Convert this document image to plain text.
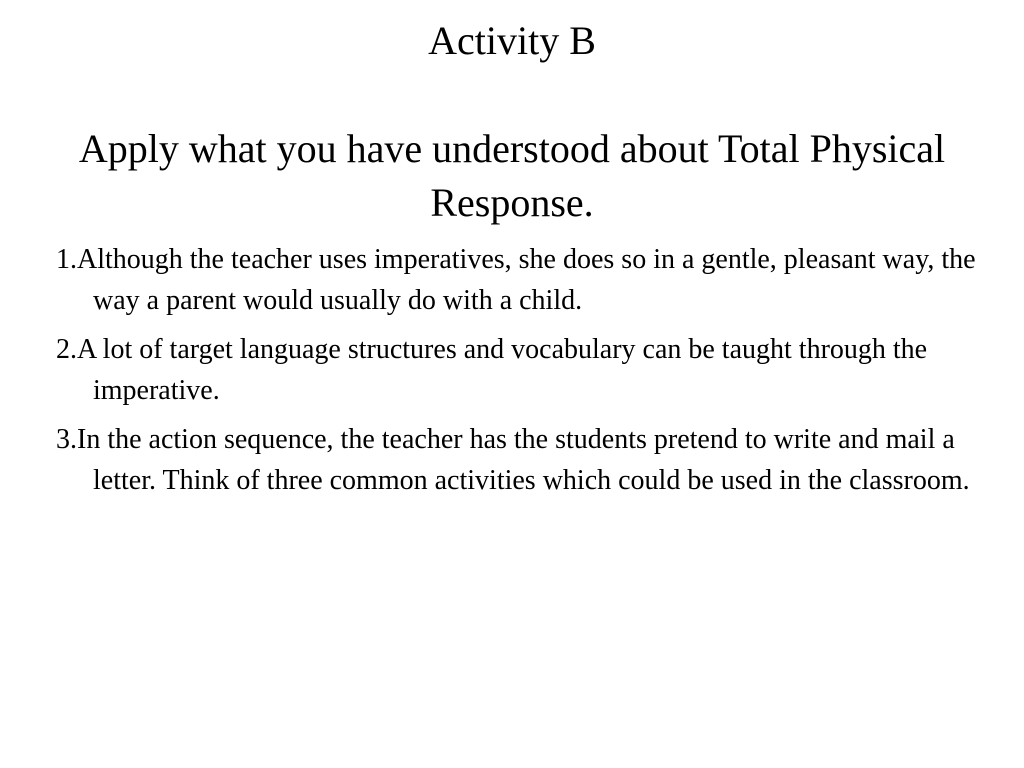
Activity B
Apply what you have understood about Total Physical
Response.
1.Although the teacher uses imperatives, she does so in a gentle, pleasant way, the way a parent would usually do with a child.
2.A lot of target language structures and vocabulary can be taught through the imperative.
3.In the action sequence, the teacher has the students pretend to write and mail a letter. Think of three common activities which could be used in the classroom.
